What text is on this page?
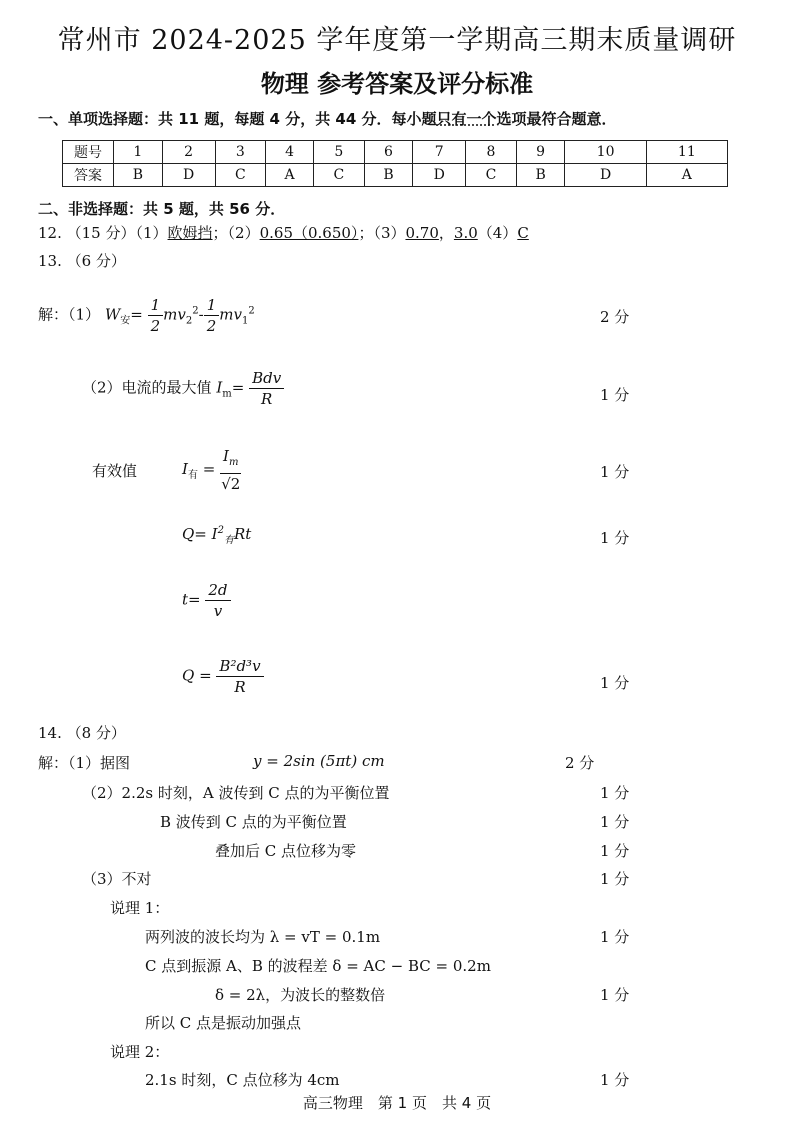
常州市 2024-2025 学年度第一学期高三期末质量调研
物理 参考答案及评分标准
一、单项选择题：共 11 题，每题 4 分，共 44 分．每小题只有一个选项最符合题意．
题号	1	2	3	4	5	6	7	8	9	10	11
答案	B	D	C	A	C	B	D	C	B	D	A
二、非选择题：共 5 题，共 56 分．
12. （15 分）（1）欧姆挡；（2）0.65（0.650）；（3）0.70，3.0（4）C
13. （6 分）
解：（1） $W_安= \frac{1}{2} mv_2^2- \frac{1}{2} mv_1^2$	2 分
（2）电流的最大值 $I_m= \frac{\text{Bdv}}{R}$	1 分
有效值	$I_有 = \frac{I_m}{√2}$	1 分
$Q= I^2_有Rt$	1 分
$t= \frac{2d}{v}$
$Q = \frac{\text{B²d³v}}{R}$	1 分
14. （8 分）
解：（1）据图	y = 2sin (5πt) cm	2 分
（2）2.2s 时刻，A 波传到 C 点的为平衡位置	1 分
B 波传到 C 点的为平衡位置	1 分
叠加后 C 点位移为零	1 分
（3）不对	1 分
说理 1：
两列波的波长均为 λ = vT = 0.1m	1 分
C 点到振源 A、B 的波程差 δ = AC − BC = 0.2m
δ = 2λ，为波长的整数倍	1 分
所以 C 点是振动加强点
说理 2：
2.1s 时刻，C 点位移为 4cm	1 分
高三物理　第 1 页　共 4 页
